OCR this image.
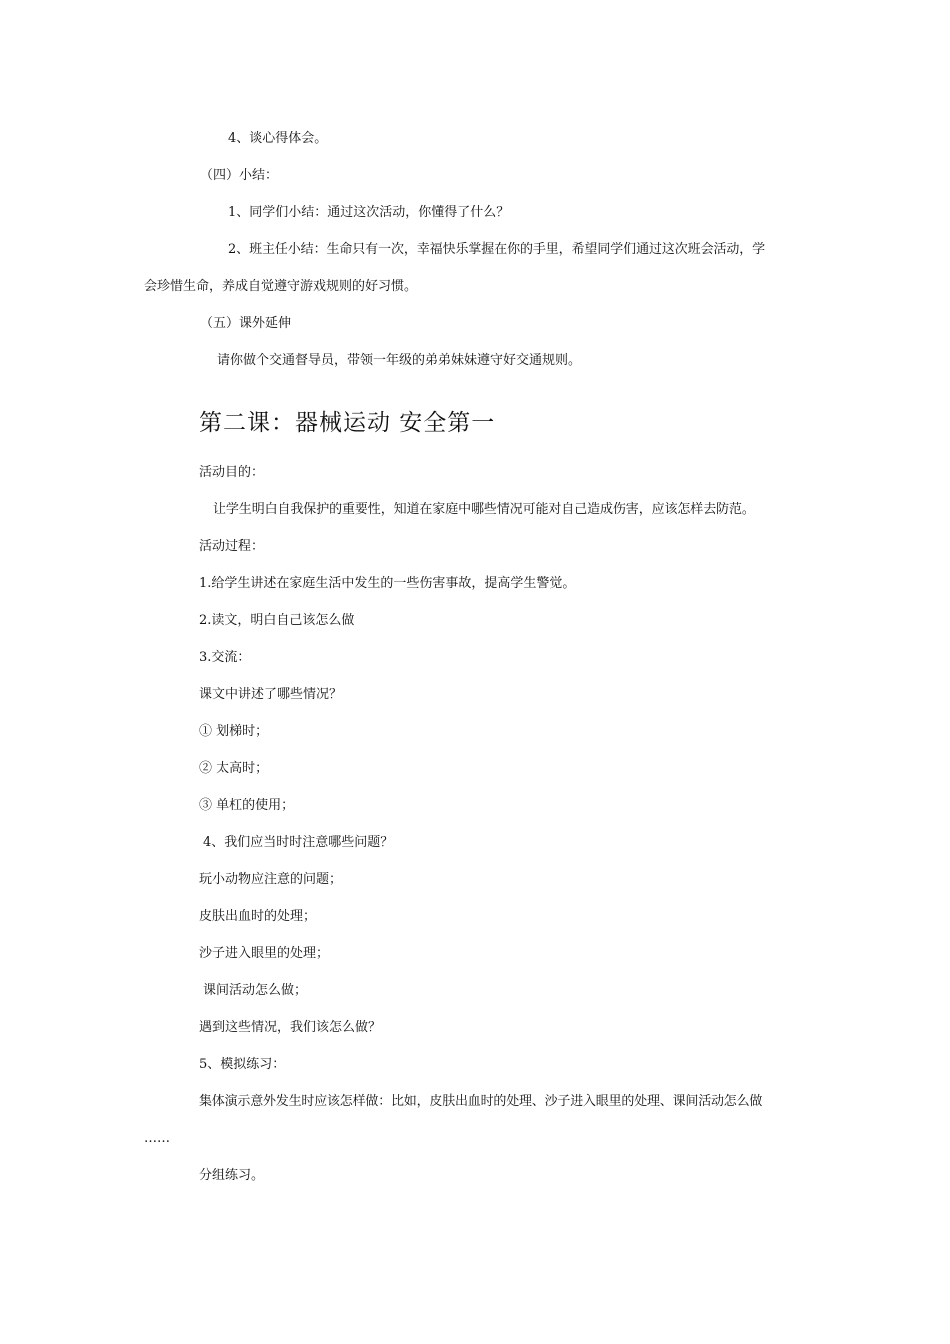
4、谈心得体会。
（四）小结：
1、同学们小结：通过这次活动，你懂得了什么？
2、班主任小结：生命只有一次，幸福快乐掌握在你的手里，希望同学们通过这次班会活动，学
会珍惜生命，养成自觉遵守游戏规则的好习惯。
（五）课外延伸
请你做个交通督导员，带领一年级的弟弟妹妹遵守好交通规则。
第二课：器械运动 安全第一
活动目的：
让学生明白自我保护的重要性，知道在家庭中哪些情况可能对自己造成伤害，应该怎样去防范。
活动过程：
1.给学生讲述在家庭生活中发生的一些伤害事故，提高学生警觉。
2.读文，明白自己该怎么做
3.交流：
课文中讲述了哪些情况？
① 划梯时；
② 太高时；
③ 单杠的使用；
4、我们应当时时注意哪些问题？
玩小动物应注意的问题；
皮肤出血时的处理；
沙子进入眼里的处理；
课间活动怎么做；
遇到这些情况，我们该怎么做？
5、模拟练习：
集体演示意外发生时应该怎样做：比如，皮肤出血时的处理、沙子进入眼里的处理、课间活动怎么做
……
分组练习。
